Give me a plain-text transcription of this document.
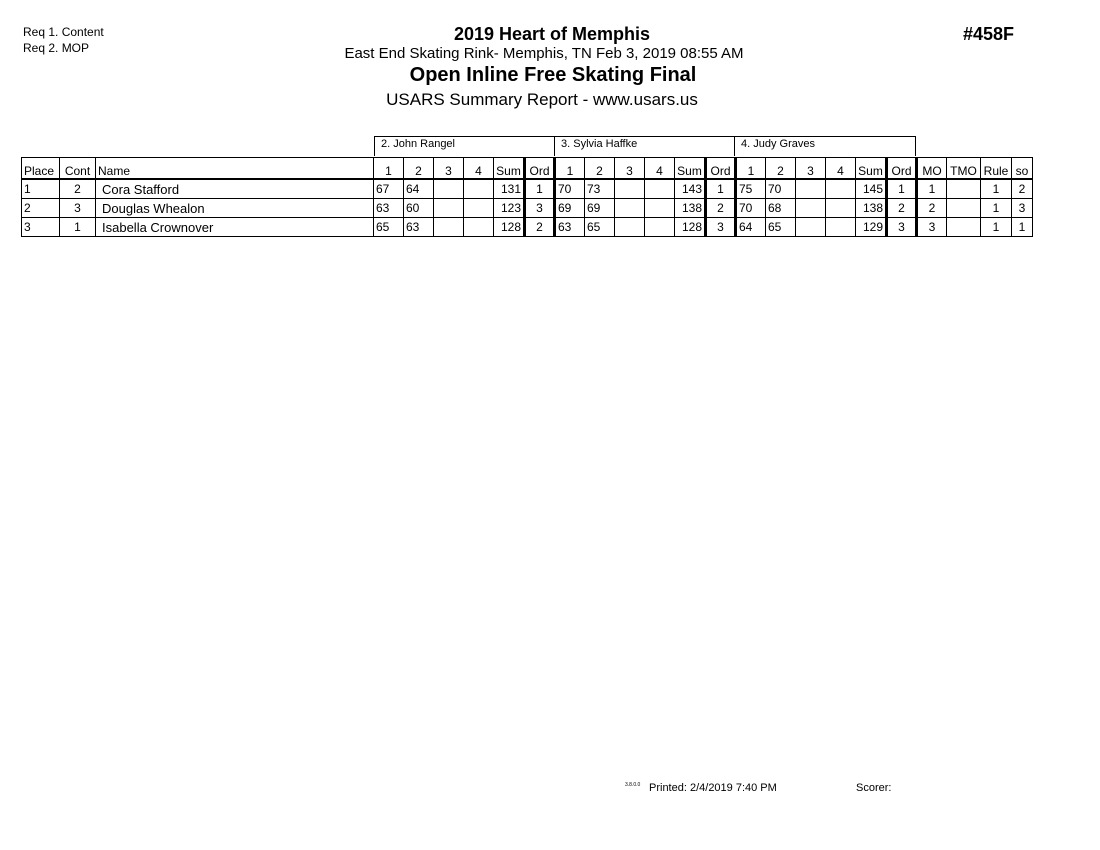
Req 1. Content
Req 2. MOP
2019 Heart of Memphis
East End Skating Rink- Memphis, TN Feb 3, 2019 08:55 AM
Open Inline Free Skating Final
USARS Summary Report - www.usars.us
#458F
2. John Rangel	3. Sylvia Haffke	4. Judy Graves
Place	Cont	Name	1	2	3	4	Sum	Ord	1	2	3	4	Sum	Ord	1	2	3	4	Sum	Ord	MO	TMO	Rule	so
1	2	Cora Stafford	67	64			131	1	70	73			143	1	75	70			145	1	1		1	2
2	3	Douglas Whealon	63	60			123	3	69	69			138	2	70	68			138	2	2		1	3
3	1	Isabella Crownover	65	63			128	2	63	65			128	3	64	65			129	3	3		1	1
3.8.0.0 Printed: 2/4/2019 7:40 PM	Scorer:
